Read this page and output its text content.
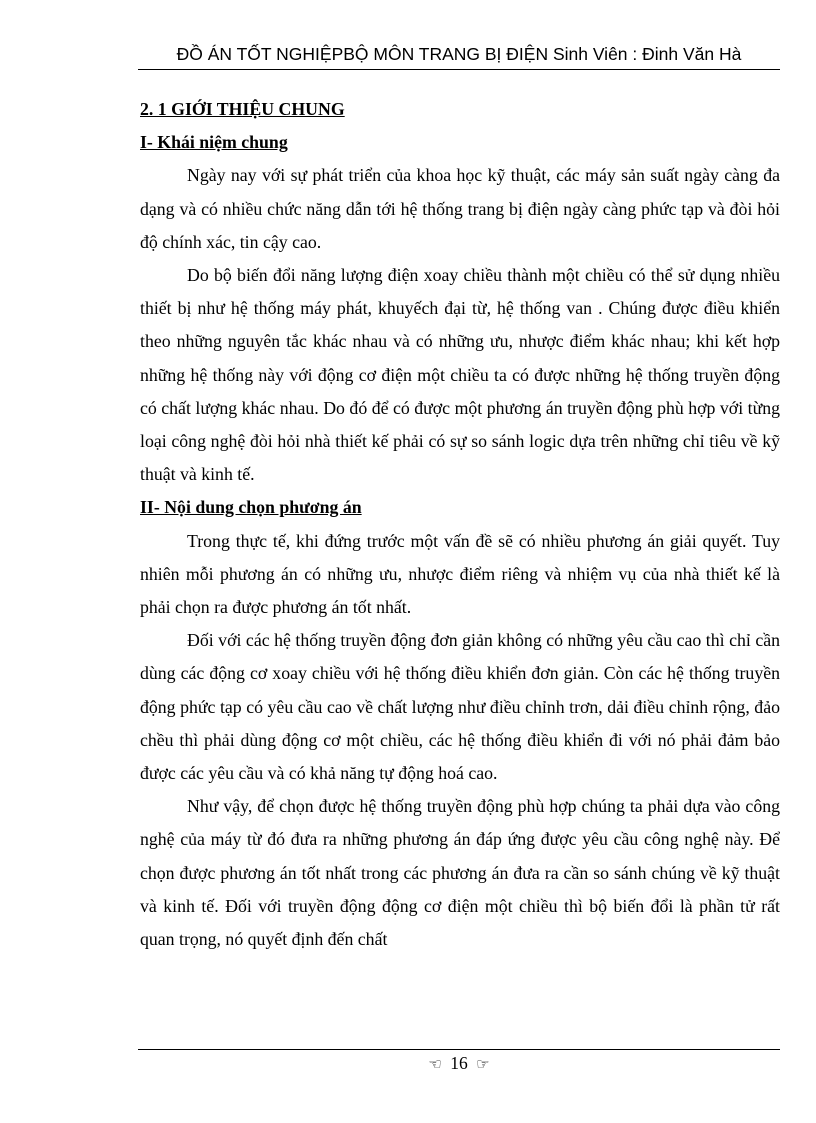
ĐỒ ÁN TỐT NGHIỆPBỘ MÔN TRANG BỊ ĐIỆN Sinh Viên : Đinh Văn Hà

2. 1 GIỚI THIỆU CHUNG

I- Khái niệm chung

Ngày nay với sự phát triển của khoa học kỹ thuật, các máy sản suất ngày càng đa dạng và có nhiều chức năng dẫn tới hệ thống trang bị điện ngày càng phức tạp và đòi hỏi độ chính xác, tin cậy cao.

Do bộ biến đổi năng lượng điện xoay chiều thành một chiều có thể sử dụng nhiều thiết bị như hệ thống máy phát, khuyếch đại từ, hệ thống van . Chúng được điều khiển theo những nguyên tắc khác nhau và có những ưu, nhược điểm khác nhau; khi kết hợp những hệ thống này với động cơ điện một chiều ta có được những hệ thống truyền động có chất lượng khác nhau. Do đó để có được một phương án truyền động phù hợp với từng loại công nghệ đòi hỏi nhà thiết kế phải có sự so sánh logic dựa trên những chỉ tiêu về kỹ thuật và kinh tế.

II- Nội dung chọn phương án

Trong thực tế, khi đứng trước một vấn đề sẽ có nhiều phương án giải quyết. Tuy nhiên mỗi phương án có những ưu, nhược điểm riêng và nhiệm vụ của nhà thiết kế là phải chọn ra được phương án tốt nhất.

Đối với các hệ thống truyền động đơn giản không có những yêu cầu cao thì chỉ cần dùng các động cơ xoay chiều với hệ thống điều khiển đơn giản. Còn các hệ thống truyền động phức tạp có yêu cầu cao về chất lượng như điều chỉnh trơn, dải điều chỉnh rộng, đảo chều thì phải dùng động cơ một chiều, các hệ thống điều khiển đi với nó phải đảm bảo được các yêu cầu và có khả năng tự động hoá cao.

Như vậy, để chọn được hệ thống truyền động phù hợp chúng ta phải dựa vào công nghệ của máy từ đó đưa ra những phương án đáp ứng được yêu cầu công nghệ này. Để chọn được phương án tốt nhất trong các phương án đưa ra cần so sánh chúng về kỹ thuật và kinh tế. Đối với truyền động động cơ điện một chiều thì bộ biến đổi là phần tử rất quan trọng, nó quyết định đến chất

☜ 16 ☞
